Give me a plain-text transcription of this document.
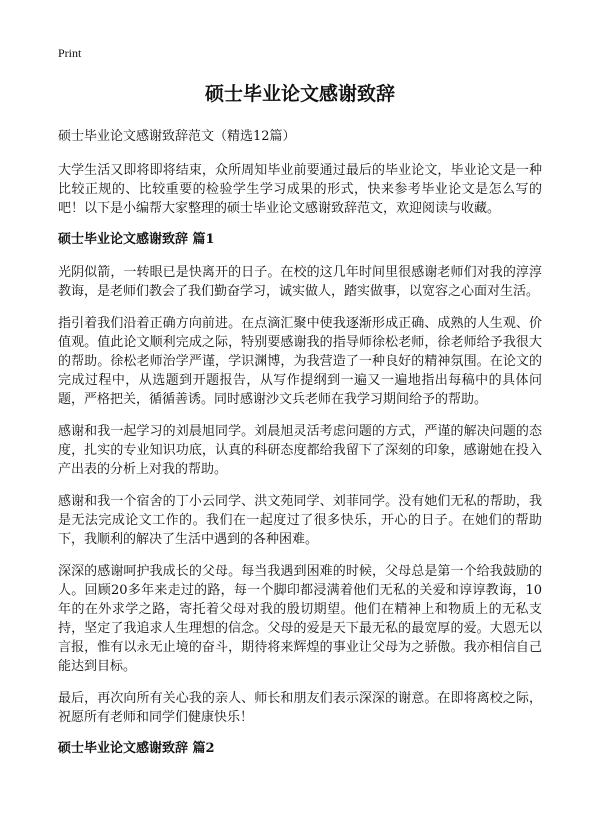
Print
硕士毕业论文感谢致辞
硕士毕业论文感谢致辞范文（精选12篇）
大学生活又即将即将结束，众所周知毕业前要通过最后的毕业论文，毕业论文是一种比较正规的、比较重要的检验学生学习成果的形式，快来参考毕业论文是怎么写的吧！以下是小编帮大家整理的硕士毕业论文感谢致辞范文，欢迎阅读与收藏。
硕士毕业论文感谢致辞 篇1
光阴似箭，一转眼已是快离开的日子。在校的这几年时间里很感谢老师们对我的淳淳教诲，是老师们教会了我们勤奋学习，诚实做人，踏实做事，以宽容之心面对生活。
指引着我们沿着正确方向前进。在点滴汇聚中使我逐渐形成正确、成熟的人生观、价值观。值此论文顺利完成之际，特别要感谢我的指导师徐松老师，徐老师给予我很大的帮助。徐松老师治学严谨，学识渊博，为我营造了一种良好的精神氛围。在论文的完成过程中，从选题到开题报告，从写作提纲到一遍又一遍地指出每稿中的具体问题，严格把关，循循善诱。同时感谢沙文兵老师在我学习期间给予的帮助。
感谢和我一起学习的刘晨旭同学。刘晨旭灵活考虑问题的方式，严谨的解决问题的态度，扎实的专业知识功底，认真的科研态度都给我留下了深刻的印象，感谢她在投入产出表的分析上对我的帮助。
感谢和我一个宿舍的丁小云同学、洪文苑同学、刘菲同学。没有她们无私的帮助，我是无法完成论文工作的。我们在一起度过了很多快乐，开心的日子。在她们的帮助下，我顺利的解决了生活中遇到的各种困难。
深深的感谢呵护我成长的父母。每当我遇到困难的时候，父母总是第一个给我鼓励的人。回顾20多年来走过的路，每一个脚印都浸满着他们无私的关爱和谆谆教诲，10年的在外求学之路，寄托着父母对我的殷切期望。他们在精神上和物质上的无私支持，坚定了我追求人生理想的信念。父母的爱是天下最无私的最宽厚的爱。大恩无以言报，惟有以永无止境的奋斗，期待将来辉煌的事业让父母为之骄傲。我亦相信自己能达到目标。
最后，再次向所有关心我的亲人、师长和朋友们表示深深的谢意。在即将离校之际，祝愿所有老师和同学们健康快乐！
硕士毕业论文感谢致辞 篇2
